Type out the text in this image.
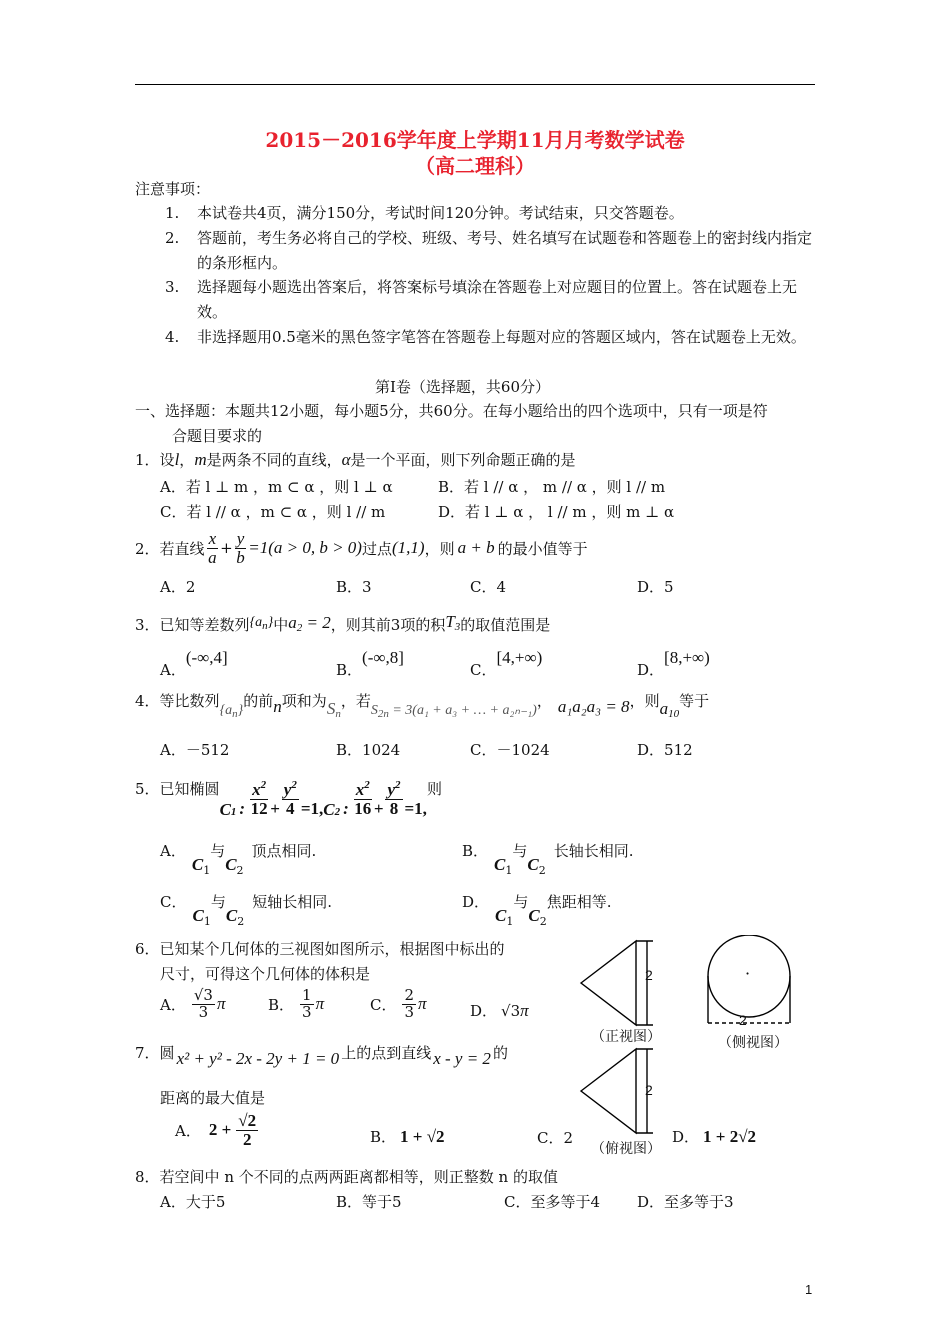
2015－2016学年度上学期11月月考数学试卷
（高二理科）
注意事项：
1. 本试卷共4页，满分150分，考试时间120分钟。考试结束，只交答题卷。
2. 答题前，考生务必将自己的学校、班级、考号、姓名填写在试题卷和答题卷上的密封线内指定的条形框内。
3. 选择题每小题选出答案后，将答案标号填涂在答题卷上对应题目的位置上。答在试题卷上无效。
4. 非选择题用0.5毫米的黑色签字笔答在答题卷上每题对应的答题区域内，答在试题卷上无效。
第Ⅰ卷（选择题，共60分）
一、选择题：本题共12小题，每小题5分，共60分。在每小题给出的四个选项中，只有一项是符
合题目要求的
1．设l，m是两条不同的直线，α是一个平面，则下列命题正确的是
A．若 l ⊥ m ，m ⊂ α ，则 l ⊥ α	B．若 l // α ， m // α ，则 l // m
C．若 l // α ，m ⊂ α ，则 l // m	D．若 l ⊥ α ， l // m ，则 m ⊥ α
2． 若直线 $\frac{x}{a} + \frac{y}{b} =1(a > 0$, b > 0) 过点 (1,1) ，则 a + b 的最小值等于
A．2	B．3	C．4	D．5
3．已知等差数列$\{a_n\}$中$a_2 = 2$，则其前3项的积$T_3$的取值范围是
A．(-∞,4]
B．(-∞,8]
C．[4,+∞)
D．[8,+∞)
4．等比数列$\{a_n\}$的前n项和为$S_n$，若$S_{2n} = 3(a_1 + a_3$ + … + a₂ₙ₋₁)， a₁a₂a₃ = 8，则$a_{10}$等于
A．－512	B．1024	C．－1024	D．512
5． 已知椭圆
C 1 : $\frac{x^2}{12} + \frac{y^2}{4} =1$, C 2 : $\frac{x^2}{16} + \frac{y^2}{8} =1$,
则
A．$C_1$与$C_2$顶点相同.	B．$C_1$与$C_2$长轴长相同.
C．$C_1$与$C_2$短轴长相同.	D．$C_1$与$C_2$焦距相等.
6．已知某个几何体的三视图如图所示，根据图中标出的
尺寸，可得这个几何体的体积是
A． $\frac{√3}{3}$ π	B． $\frac{1}{3}$ π	C． $\frac{2}{3}$ π	D． √3π
2	·
2
2
（正视图）	（侧视图）
（俯视图）
7．圆 x² + y² - 2x - 2y + 1 = 0 上的点到直线 x - y = 2 的
距离的最大值是
A． $2 + \frac{√2}{2}$	B． 1 + √2	C．2	D． 1 + 2√2
8．若空间中 n 个不同的点两两距离都相等，则正整数 n 的取值
A．大于5	B．等于5	C．至多等于4 D．至多等于3
1
